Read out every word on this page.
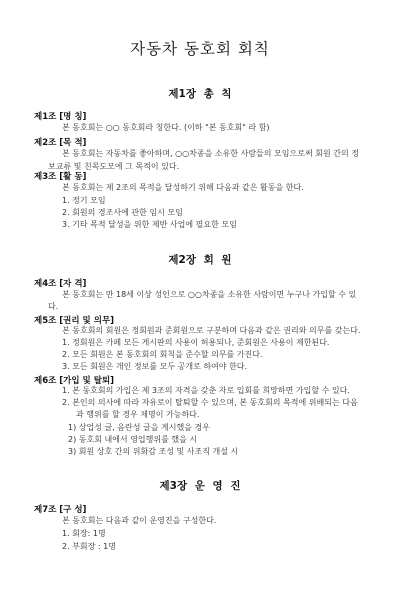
자동차 동호회 회칙
제1장 총 칙
제1조 [명 칭]
본 동호회는 ○○ 동호회라 칭한다. (이하 "본 동호회" 라 함)
제2조 [목 적]
본 동호회는 자동차를 좋아하며, ○○차종을 소유한 사람들의 모임으로써 회원 간의 정
보교류 및 친목도모에 그 목적이 있다.
제3조 [활 동]
본 동호회는 제 2조의 목적을 달성하기 위해 다음과 같은 활동을 한다.
1. 정기 모임
2. 회원의 경조사에 관한 임시 모임
3. 기타 목적 달성을 위한 제반 사업에 필요한 모임
제2장 회 원
제4조 [자 격]
본 동호회는 만 18세 이상 성인으로 ○○차종을 소유한 사람이면 누구나 가입할 수 있
다.
제5조 [권리 및 의무]
본 동호회의 회원은 정회원과 준회원으로 구분하며 다음과 같은 권리와 의무를 갖는다.
1. 정회원은 카페 모든 게시판의 사용이 허용되나, 준회원은 사용이 제한된다.
2. 모든 회원은 본 동호회의 회칙을 준수할 의무를 가진다.
3. 모든 회원은 개인 정보를 모두 공개로 하여야 한다.
제6조 [가입 및 탈퇴]
1. 본 동호회의 가입은 제 3조의 자격을 갖춘 자로 입회를 희망하면 가입할 수 있다.
2. 본인의 의사에 따라 자유로이 탈퇴할 수 있으며, 본 동호회의 목적에 위배되는 다음
과 행위를 할 경우 제명이 가능하다.
1) 상업성 글, 음란성 글을 게시했을 경우
2) 동호회 내에서 영업행위를 했을 시
3) 회원 상호 간의 위화감 조성 및 사조직 개설 시
제3장 운 영 진
제7조 [구 성]
본 동호회는 다음과 같이 운영진을 구성한다.
1. 회장: 1명
2. 부회장 : 1명
